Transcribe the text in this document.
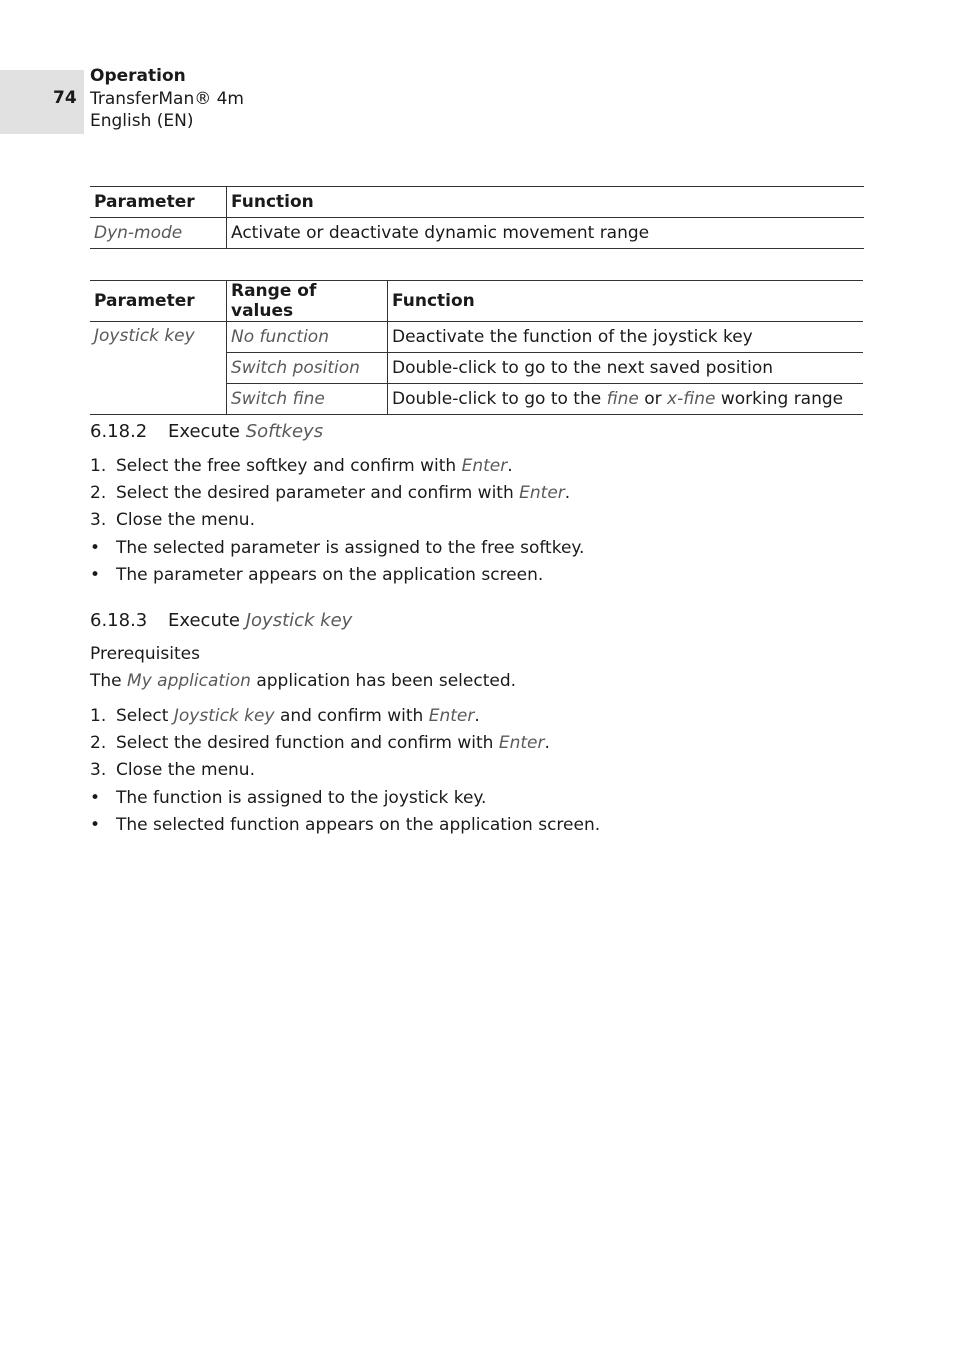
74
Operation
TransferMan® 4m
English (EN)
Parameter	Function
Dyn-mode	Activate or deactivate dynamic movement range
Parameter	Range of values	Function
Joystick key	No function	Deactivate the function of the joystick key
	Switch position	Double-click to go to the next saved position
	Switch fine	Double-click to go to the fine or x-fine working range
6.18.2 Execute Softkeys
1. Select the free softkey and confirm with Enter.
2. Select the desired parameter and confirm with Enter.
3. Close the menu.
• The selected parameter is assigned to the free softkey.
• The parameter appears on the application screen.
6.18.3 Execute Joystick key
Prerequisites
The My application application has been selected.
1. Select Joystick key and confirm with Enter.
2. Select the desired function and confirm with Enter.
3. Close the menu.
• The function is assigned to the joystick key.
• The selected function appears on the application screen.
